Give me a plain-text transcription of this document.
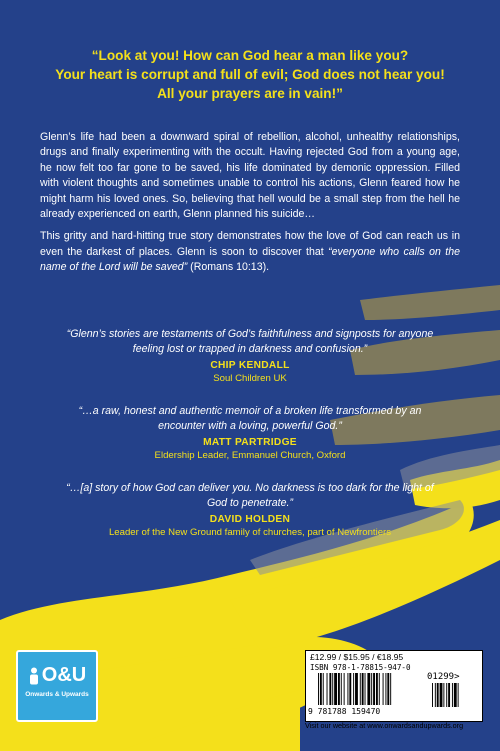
“Look at you! How can God hear a man like you?
Your heart is corrupt and full of evil; God does not hear you!
All your prayers are in vain!”

Glenn’s life had been a downward spiral of rebellion, alcohol, unhealthy relationships, drugs and finally experimenting with the occult. Having rejected God from a young age, he now felt too far gone to be saved, his life dominated by demonic oppression. Filled with violent thoughts and sometimes unable to control his actions, Glenn feared how he might harm his loved ones. So, believing that hell would be a small step from the hell he already experienced on earth, Glenn planned his suicide…

This gritty and hard-hitting true story demonstrates how the love of God can reach us in even the darkest of places. Glenn is soon to discover that “everyone who calls on the name of the Lord will be saved” (Romans 10:13).

“Glenn’s stories are testaments of God’s faithfulness and signposts for anyone feeling lost or trapped in darkness and confusion.”

CHIP KENDALL

Soul Children UK

“…a raw, honest and authentic memoir of a broken life transformed by an encounter with a loving, powerful God.”

MATT PARTRIDGE

Eldership Leader, Emmanuel Church, Oxford

“…[a] story of how God can deliver you. No darkness is too dark for the light of God to penetrate.”

DAVID HOLDEN

Leader of the New Ground family of churches, part of Newfrontiers

O&U
Onwards & Upwards
£12.99 / $15.95 / €18.95
ISBN 978-1-78815-947-0
9 781788 159470
01299>
Visit our website at www.onwardsandupwards.org
